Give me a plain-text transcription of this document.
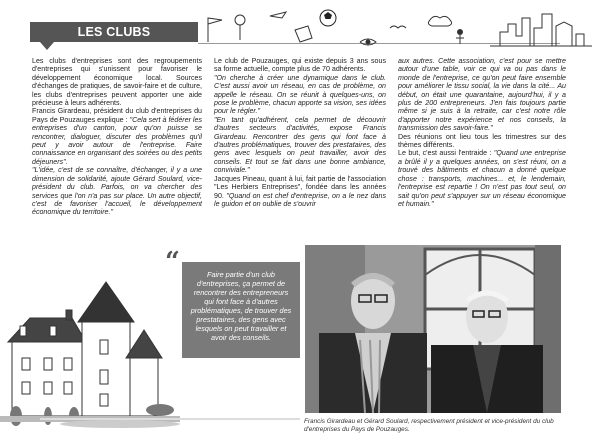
LES CLUBS D'ENTREPRISES

Les clubs d'entreprises sont des regroupements d'entreprises qui s'unissent pour favoriser le développement économique local. Sources d'échanges de pratiques, de savoir-faire et de culture, les clubs d'entreprises peuvent apporter une aide précieuse à leurs adhérents.

Francis Girardeau, président du club d'entreprises du Pays de Pouzauges explique : "Cela sert à fédérer les entreprises d'un canton, pour qu'on puisse se rencontrer, dialoguer, discuter des problèmes qu'il peut y avoir autour de l'entreprise. Faire connaissance en organisant des soirées ou des petits déjeuners".

"L'idée, c'est de se connaître, d'échanger, il y a une dimension de solidarité, ajoute Gérard Soulard, vice-président du club. Parfois, on va chercher des services que l'on n'a pas sur place. Un autre objectif, c'est de favoriser l'accueil, le développement économique du territoire."

Le club de Pouzauges, qui existe depuis 3 ans sous sa forme actuelle, compte plus de 70 adhérents.

"On cherche à créer une dynamique dans le club. C'est aussi avoir un réseau, en cas de problème, on appelle le réseau. On se réunit à quelques-uns, on pose le problème, chacun apporte sa vision, ses idées pour le régler."

"En tant qu'adhérent, cela permet de découvrir d'autres secteurs d'activités, expose Francis Girardeau. Rencontrer des gens qui font face à d'autres problématiques, trouver des prestataires, des gens avec lesquels on peut travailler, avoir des conseils. Et tout se fait dans une bonne ambiance, conviviale."

Jacques Pineau, quant à lui, fait partie de l'association "Les Herbiers Entreprises", fondée dans les années 90. "Quand on est chef d'entreprise, on a le nez dans le guidon et on oublie de s'ouvrir

aux autres. Cette association, c'est pour se mettre autour d'une table, voir ce qui va ou pas dans le monde de l'entreprise, ce qu'on peut faire ensemble pour améliorer le tissu social, la vie dans la cité... Au début, on était une quarantaine, aujourd'hui, il y a plus de 200 entrepreneurs. J'en fais toujours partie même si je suis à la retraite, car c'est notre rôle d'apporter notre expérience et nos conseils, la transmission des savoir-faire."

Des réunions ont lieu tous les trimestres sur des thèmes différents.

Le but, c'est aussi l'entraide : "Quand une entreprise a brûlé il y a quelques années, on s'est réuni, on a trouvé des bâtiments et chacun a donné quelque chose : transports, machines... et, le lendemain, l'entreprise est repartie ! On n'est pas tout seul, on sait qu'on peut s'appuyer sur un réseau économique et humain."

“	Faire partie d'un club d'entreprises, ça permet de rencontrer des entrepreneurs qui font face à d'autres problématiques, de trouver des prestataires, des gens avec lesquels on peut travailler et avoir des conseils.
Francis Girardeau et Gérard Soulard, respectivement président et vice-président du club d'entreprises du Pays de Pouzauges.
